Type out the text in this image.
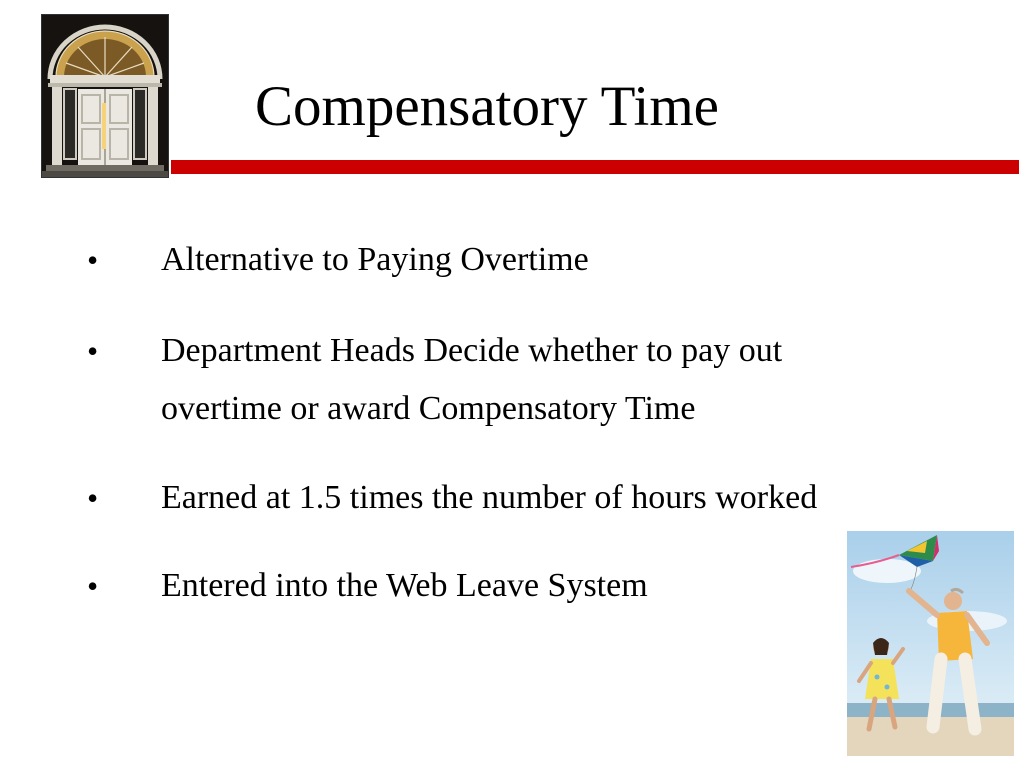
Compensatory Time
• Alternative to Paying Overtime
• Department Heads Decide whether to pay out overtime or award Compensatory Time
• Earned at 1.5 times the number of hours worked
• Entered into the Web Leave System
